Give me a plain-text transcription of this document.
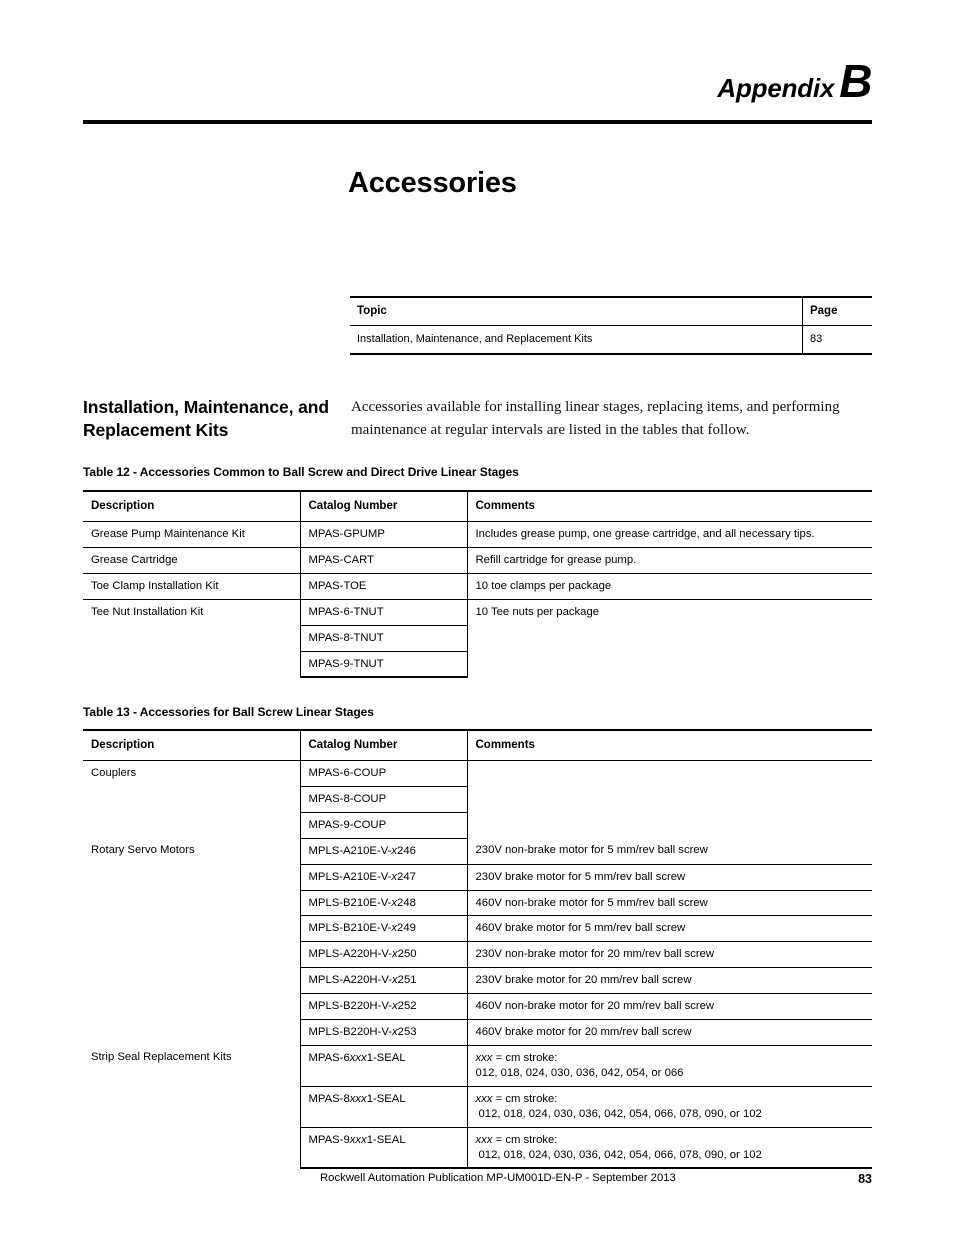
Appendix B
Accessories
Topic	Page
Installation, Maintenance, and Replacement Kits	83
Installation, Maintenance, and Replacement Kits
Accessories available for installing linear stages, replacing items, and performing maintenance at regular intervals are listed in the tables that follow.
Table 12 - Accessories Common to Ball Screw and Direct Drive Linear Stages
Description	Catalog Number	Comments
Grease Pump Maintenance Kit	MPAS-GPUMP	Includes grease pump, one grease cartridge, and all necessary tips.
Grease Cartridge	MPAS-CART	Refill cartridge for grease pump.
Toe Clamp Installation Kit	MPAS-TOE	10 toe clamps per package
Tee Nut Installation Kit	MPAS-6-TNUT	10 Tee nuts per package
	MPAS-8-TNUT	
	MPAS-9-TNUT	
Table 13 - Accessories for Ball Screw Linear Stages
Description	Catalog Number	Comments
Couplers	MPAS-6-COUP	
	MPAS-8-COUP	
	MPAS-9-COUP	
Rotary Servo Motors	MPLS-A210E-V-x246	230V non-brake motor for 5 mm/rev ball screw
	MPLS-A210E-V-x247	230V brake motor for 5 mm/rev ball screw
	MPLS-B210E-V-x248	460V non-brake motor for 5 mm/rev ball screw
	MPLS-B210E-V-x249	460V brake motor for 5 mm/rev ball screw
	MPLS-A220H-V-x250	230V non-brake motor for 20 mm/rev ball screw
	MPLS-A220H-V-x251	230V brake motor for 20 mm/rev ball screw
	MPLS-B220H-V-x252	460V non-brake motor for 20 mm/rev ball screw
	MPLS-B220H-V-x253	460V brake motor for 20 mm/rev ball screw
Strip Seal Replacement Kits	MPAS-6xxx1-SEAL	xxx = cm stroke:
012, 018, 024, 030, 036, 042, 054, or 066

	MPAS-8xxx1-SEAL	xxx = cm stroke:
012, 018, 024, 030, 036, 042, 054, 066, 078, 090, or 102

	MPAS-9xxx1-SEAL	xxx = cm stroke:
012, 018, 024, 030, 036, 042, 054, 066, 078, 090, or 102
Rockwell Automation Publication MP-UM001D-EN-P - September 2013	83
